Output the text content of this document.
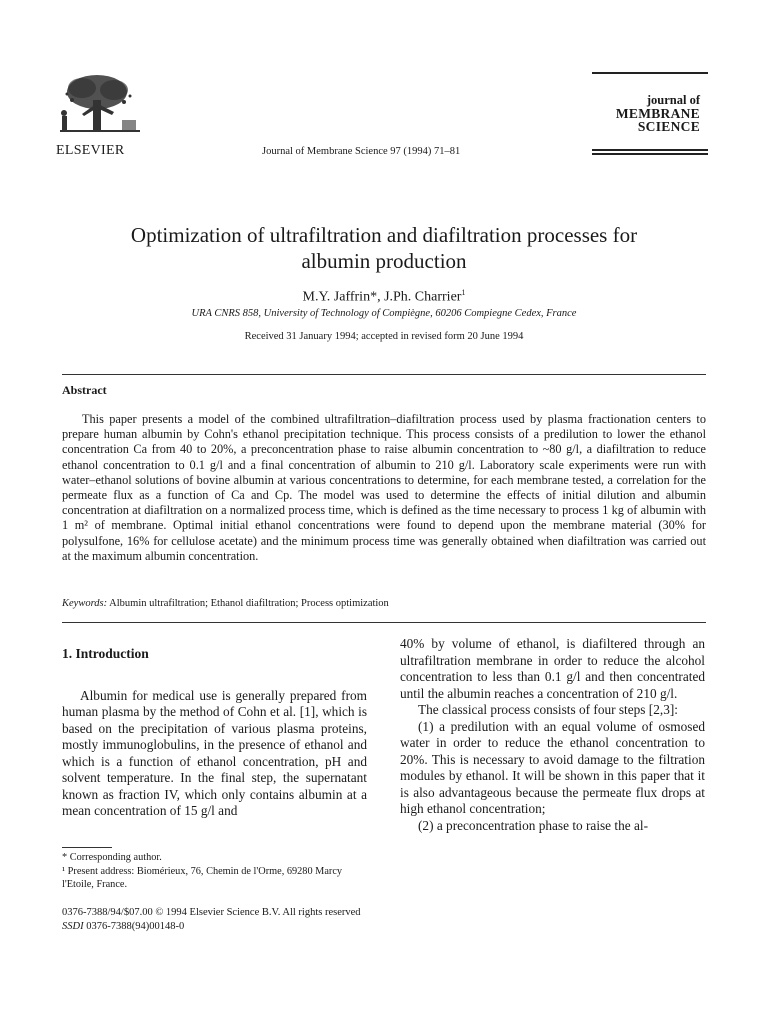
ELSEVIER	Journal of Membrane Science 97 (1994) 71–81
journal of
MEMBRANE
SCIENCE
Optimization of ultrafiltration and diafiltration processes for
albumin production
M.Y. Jaffrin*, J.Ph. Charrier$^1$
URA CNRS 858, University of Technology of Compiègne, 60206 Compiegne Cedex, France
Received 31 January 1994; accepted in revised form 20 June 1994
Abstract
This paper presents a model of the combined ultrafiltration–diafiltration process used by plasma fractionation centers to prepare human albumin by Cohn's ethanol precipitation technique. This process consists of a predilution to lower the ethanol concentration Ca from 40 to 20%, a preconcentration phase to raise albumin concentration to ~80 g/l, a diafiltration to reduce ethanol concentration to 0.1 g/l and a final concentration of albumin to 210 g/l. Laboratory scale experiments were run with water–ethanol solutions of bovine albumin at various concentrations to determine, for each membrane tested, a correlation for the permeate flux as a function of Ca and Cp. The model was used to determine the effects of initial dilution and albumin concentration at diafiltration on a normalized process time, which is defined as the time necessary to process 1 kg of albumin with 1 m² of membrane. Optimal initial ethanol concentrations were found to depend upon the membrane material (30% for polysulfone, 16% for cellulose acetate) and the minimum process time was generally obtained when diafiltration was carried out at the maximum albumin concentration.
Keywords: Albumin ultrafiltration; Ethanol diafiltration; Process optimization
1. Introduction

Albumin for medical use is generally prepared from human plasma by the method of Cohn et al. [1], which is based on the precipitation of various plasma proteins, mostly immunoglobulins, in the presence of ethanol and which is a function of ethanol concentration, pH and solvent temperature. In the final step, the supernatant known as fraction IV, which only contains albumin at a mean concentration of 15 g/l and

40% by volume of ethanol, is diafiltered through an ultrafiltration membrane in order to reduce the alcohol concentration to less than 0.1 g/l and then concentrated until the albumin reaches a concentration of 210 g/l.

The classical process consists of four steps [2,3]:

(1) a predilution with an equal volume of osmosed water in order to reduce the ethanol concentration to 20%. This is necessary to avoid damage to the filtration modules by ethanol. It will be shown in this paper that it is also advantageous because the permeate flux drops at high ethanol concentration;

(2) a preconcentration phase to raise the al-

* Corresponding author.

¹ Present address: Biomérieux, 76, Chemin de l'Orme, 69280 Marcy l'Etoile, France.

0376-7388/94/$07.00 © 1994 Elsevier Science B.V. All rights reserved
SSDI 0376-7388(94)00148-0
